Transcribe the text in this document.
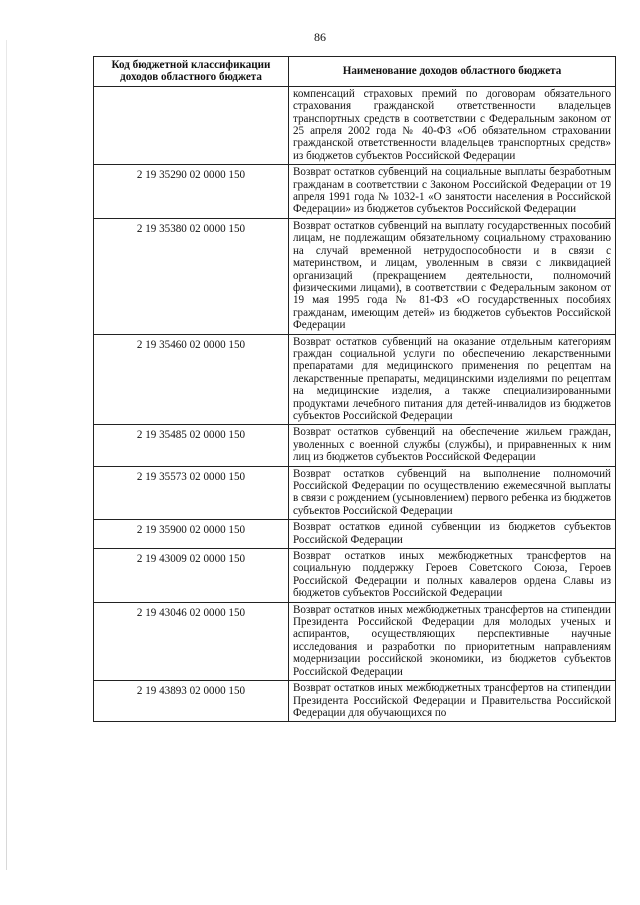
86
Код бюджетной классификации доходов областного бюджета	Наименование доходов областного бюджета
	компенсаций страховых премий по договорам обязательного страхования гражданской ответственности владельцев транспортных средств в соответствии с Федеральным законом от 25 апреля 2002 года № 40-ФЗ «Об обязательном страховании гражданской ответственности владельцев транспортных средств» из бюджетов субъектов Российской Федерации
2 19 35290 02 0000 150	Возврат остатков субвенций на социальные выплаты безработным гражданам в соответствии с Законом Российской Федерации от 19 апреля 1991 года № 1032-1 «О занятости населения в Российской Федерации» из бюджетов субъектов Российской Федерации
2 19 35380 02 0000 150	Возврат остатков субвенций на выплату государственных пособий лицам, не подлежащим обязательному социальному страхованию на случай временной нетрудоспособности и в связи с материнством, и лицам, уволенным в связи с ликвидацией организаций (прекращением деятельности, полномочий физическими лицами), в соответствии с Федеральным законом от 19 мая 1995 года № 81-ФЗ «О государственных пособиях гражданам, имеющим детей» из бюджетов субъектов Российской Федерации
2 19 35460 02 0000 150	Возврат остатков субвенций на оказание отдельным категориям граждан социальной услуги по обеспечению лекарственными препаратами для медицинского применения по рецептам на лекарственные препараты, медицинскими изделиями по рецептам на медицинские изделия, а также специализированными продуктами лечебного питания для детей-инвалидов из бюджетов субъектов Российской Федерации
2 19 35485 02 0000 150	Возврат остатков субвенций на обеспечение жильем граждан, уволенных с военной службы (службы), и приравненных к ним лиц из бюджетов субъектов Российской Федерации
2 19 35573 02 0000 150	Возврат остатков субвенций на выполнение полномочий Российской Федерации по осуществлению ежемесячной выплаты в связи с рождением (усыновлением) первого ребенка из бюджетов субъектов Российской Федерации
2 19 35900 02 0000 150	Возврат остатков единой субвенции из бюджетов субъектов Российской Федерации
2 19 43009 02 0000 150	Возврат остатков иных межбюджетных трансфертов на социальную поддержку Героев Советского Союза, Героев Российской Федерации и полных кавалеров ордена Славы из бюджетов субъектов Российской Федерации
2 19 43046 02 0000 150	Возврат остатков иных межбюджетных трансфертов на стипендии Президента Российской Федерации для молодых ученых и аспирантов, осуществляющих перспективные научные исследования и разработки по приоритетным направлениям модернизации российской экономики, из бюджетов субъектов Российской Федерации
2 19 43893 02 0000 150	Возврат остатков иных межбюджетных трансфертов на стипендии Президента Российской Федерации и Правительства Российской Федерации для обучающихся по
